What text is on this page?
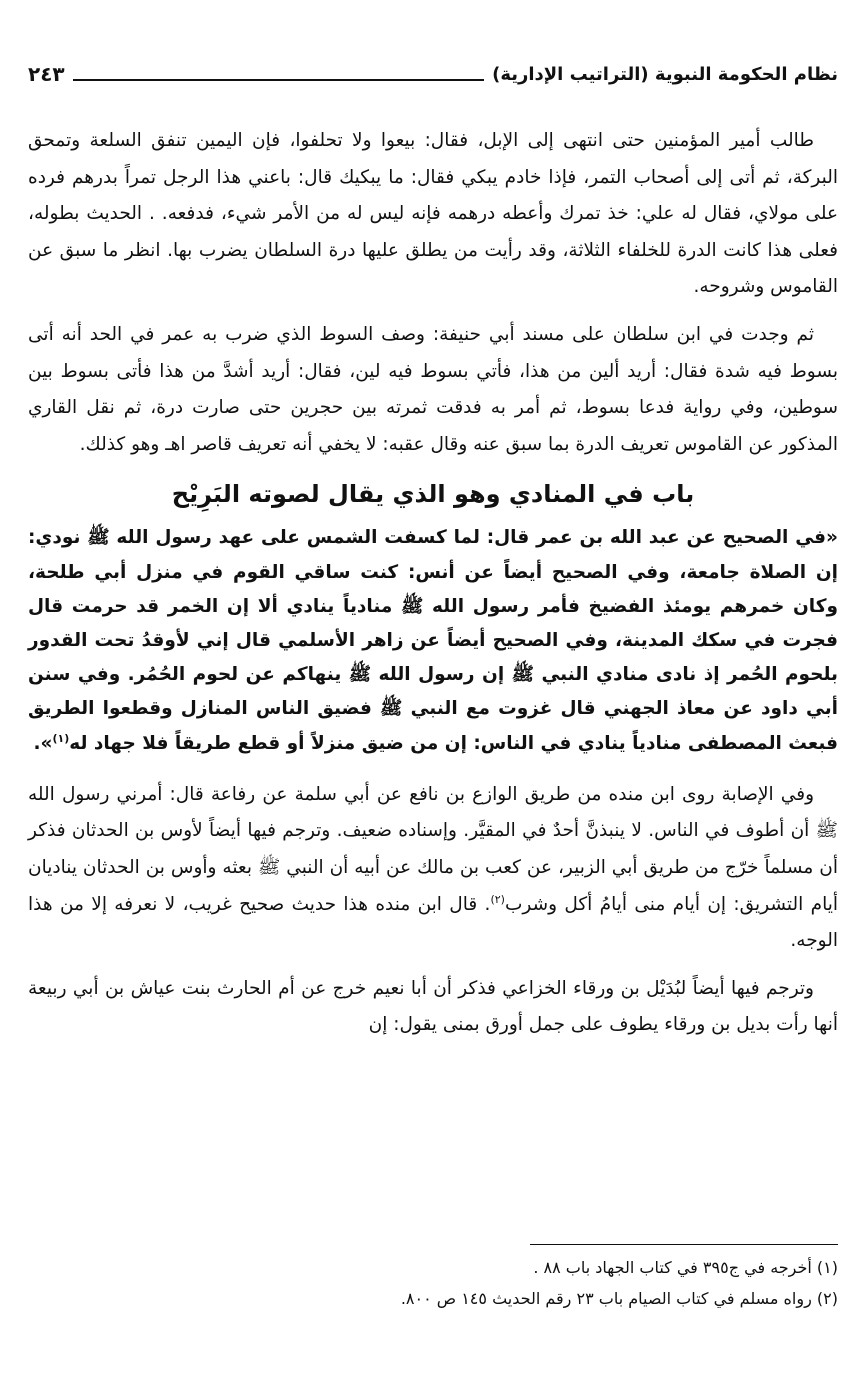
نظام الحكومة النبوية (التراتيب الإدارية)
٢٤٣

طالب أمير المؤمنين حتى انتهى إلى الإبل، فقال: بيعوا ولا تحلفوا، فإن اليمين تنفق السلعة وتمحق البركة، ثم أتى إلى أصحاب التمر، فإذا خادم يبكي فقال: ما يبكيك قال: باعني هذا الرجل تمراً بدرهم فرده على مولاي، فقال له علي: خذ تمرك وأعطه درهمه فإنه ليس له من الأمر شيء، فدفعه. . الحديث بطوله، فعلى هذا كانت الدرة للخلفاء الثلاثة، وقد رأيت من يطلق عليها درة السلطان يضرب بها. انظر ما سبق عن القاموس وشروحه.

ثم وجدت في ابن سلطان على مسند أبي حنيفة: وصف السوط الذي ضرب به عمر في الحد أنه أتى بسوط فيه شدة فقال: أريد ألين من هذا، فأتي بسوط فيه لين، فقال: أريد أشدَّ من هذا فأتى بسوط بين سوطين، وفي رواية فدعا بسوط، ثم أمر به فدقت ثمرته بين حجرين حتى صارت درة، ثم نقل القاري المذكور عن القاموس تعريف الدرة بما سبق عنه وقال عقبه: لا يخفي أنه تعريف قاصر اهـ وهو كذلك.

باب في المنادي وهو الذي يقال لصوته البَرِيْح

«في الصحيح عن عبد الله بن عمر قال: لما كسفت الشمس على عهد رسول الله ﷺ نودي: إن الصلاة جامعة، وفي الصحيح أيضاً عن أنس: كنت ساقي القوم في منزل أبي طلحة، وكان خمرهم يومئذ الفضيخ فأمر رسول الله ﷺ منادياً ينادي ألا إن الخمر قد حرمت قال فجرت في سكك المدينة، وفي الصحيح أيضاً عن زاهر الأسلمي قال إني لأوقدُ تحت القدور بلحوم الحُمر إذ نادى منادي النبي ﷺ إن رسول الله ﷺ ينهاكم عن لحوم الحُمُر. وفي سنن أبي داود عن معاذ الجهني قال غزوت مع النبي ﷺ فضيق الناس المنازل وقطعوا الطريق فبعث المصطفى منادياً ينادي في الناس: إن من ضيق منزلاً أو قطع طريقاً فلا جهاد له$^{(١)}$».

وفي الإصابة روى ابن منده من طريق الوازع بن نافع عن أبي سلمة عن رفاعة قال: أمرني رسول الله ﷺ أن أطوف في الناس. لا ينبذنَّ أحدٌ في المقيَّر. وإسناده ضعيف. وترجم فيها أيضاً لأوس بن الحدثان فذكر أن مسلماً خرّج من طريق أبي الزبير، عن كعب بن مالك عن أبيه أن النبي ﷺ بعثه وأوس بن الحدثان يناديان أيام التشريق: إن أيام منى أيامُ أكل وشرب$^{(٢)}$. قال ابن منده هذا حديث صحيح غريب، لا نعرفه إلا من هذا الوجه.

وترجم فيها أيضاً لبُدَيْل بن ورقاء الخزاعي فذكر أن أبا نعيم خرج عن أم الحارث بنت عياش بن أبي ربيعة أنها رأت بديل بن ورقاء يطوف على جمل أورق بمنى يقول: إن

(١) أخرجه في ج٣٩٥ في كتاب الجهاد باب ٨٨ .

(٢) رواه مسلم في كتاب الصيام باب ٢٣ رقم الحديث ١٤٥ ص ٨٠٠.
